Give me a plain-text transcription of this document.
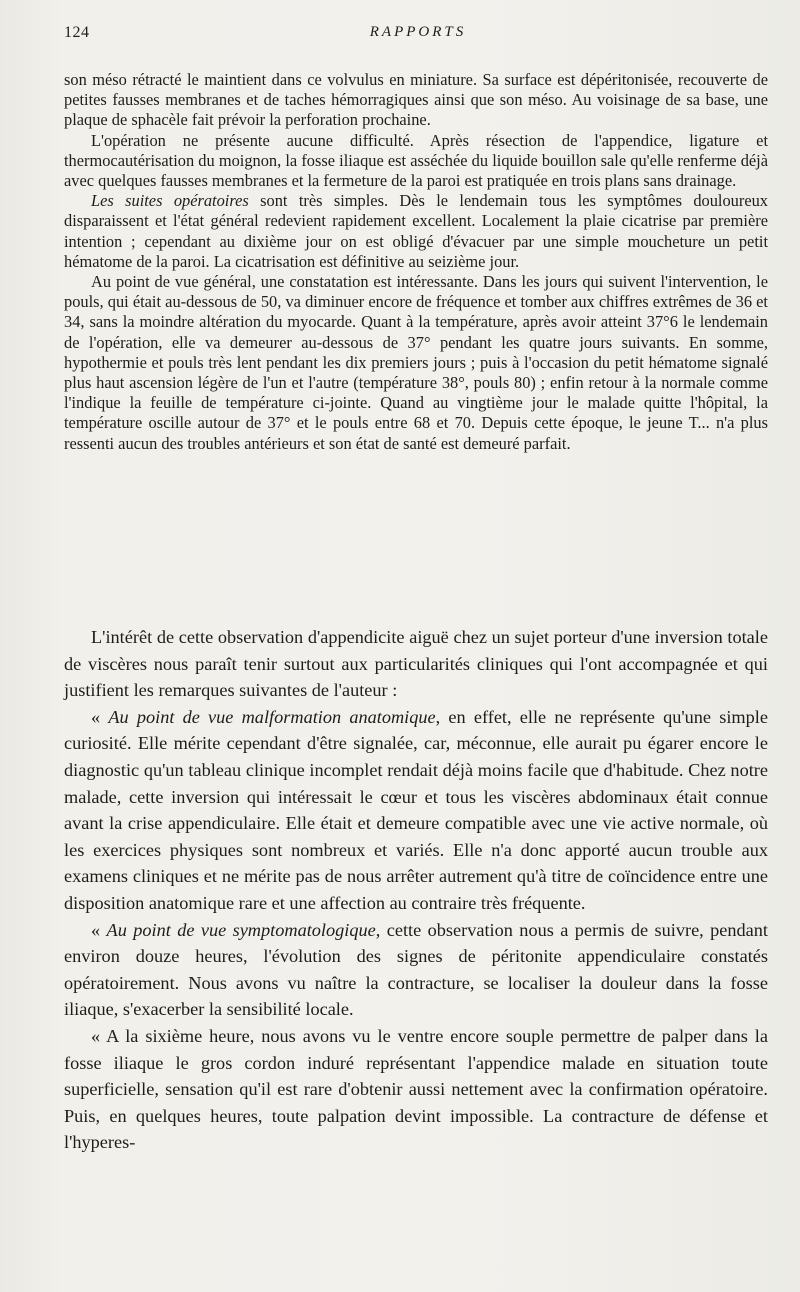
124	RAPPORTS

son méso rétracté le maintient dans ce volvulus en miniature. Sa surface est dépéritonisée, recouverte de petites fausses membranes et de taches hémorragiques ainsi que son méso. Au voisinage de sa base, une plaque de sphacèle fait prévoir la perforation prochaine.

L'opération ne présente aucune difficulté. Après résection de l'appendice, ligature et thermocautérisation du moignon, la fosse iliaque est asséchée du liquide bouillon sale qu'elle renferme déjà avec quelques fausses membranes et la fermeture de la paroi est pratiquée en trois plans sans drainage.

Les suites opératoires sont très simples. Dès le lendemain tous les symptômes douloureux disparaissent et l'état général redevient rapidement excellent. Localement la plaie cicatrise par première intention ; cependant au dixième jour on est obligé d'évacuer par une simple moucheture un petit hématome de la paroi. La cicatrisation est définitive au seizième jour.

Au point de vue général, une constatation est intéressante. Dans les jours qui suivent l'intervention, le pouls, qui était au-dessous de 50, va diminuer encore de fréquence et tomber aux chiffres extrêmes de 36 et 34, sans la moindre altération du myocarde. Quant à la température, après avoir atteint 37°6 le lendemain de l'opération, elle va demeurer au-dessous de 37° pendant les quatre jours suivants. En somme, hypothermie et pouls très lent pendant les dix premiers jours ; puis à l'occasion du petit hématome signalé plus haut ascension légère de l'un et l'autre (température 38°, pouls 80) ; enfin retour à la normale comme l'indique la feuille de température ci-jointe. Quand au vingtième jour le malade quitte l'hôpital, la température oscille autour de 37° et le pouls entre 68 et 70. Depuis cette époque, le jeune T... n'a plus ressenti aucun des troubles antérieurs et son état de santé est demeuré parfait.

L'intérêt de cette observation d'appendicite aiguë chez un sujet porteur d'une inversion totale de viscères nous paraît tenir surtout aux particularités cliniques qui l'ont accompagnée et qui justifient les remarques suivantes de l'auteur :

« Au point de vue malformation anatomique, en effet, elle ne représente qu'une simple curiosité. Elle mérite cependant d'être signalée, car, méconnue, elle aurait pu égarer encore le diagnostic qu'un tableau clinique incomplet rendait déjà moins facile que d'habitude. Chez notre malade, cette inversion qui intéressait le cœur et tous les viscères abdominaux était connue avant la crise appendiculaire. Elle était et demeure compatible avec une vie active normale, où les exercices physiques sont nombreux et variés. Elle n'a donc apporté aucun trouble aux examens cliniques et ne mérite pas de nous arrêter autrement qu'à titre de coïncidence entre une disposition anatomique rare et une affection au contraire très fréquente.

« Au point de vue symptomatologique, cette observation nous a permis de suivre, pendant environ douze heures, l'évolution des signes de péritonite appendiculaire constatés opératoirement. Nous avons vu naître la contracture, se localiser la douleur dans la fosse iliaque, s'exacerber la sensibilité locale.

« A la sixième heure, nous avons vu le ventre encore souple permettre de palper dans la fosse iliaque le gros cordon induré représentant l'appendice malade en situation toute superficielle, sensation qu'il est rare d'obtenir aussi nettement avec la confirmation opératoire. Puis, en quelques heures, toute palpation devint impossible. La contracture de défense et l'hyperes-
